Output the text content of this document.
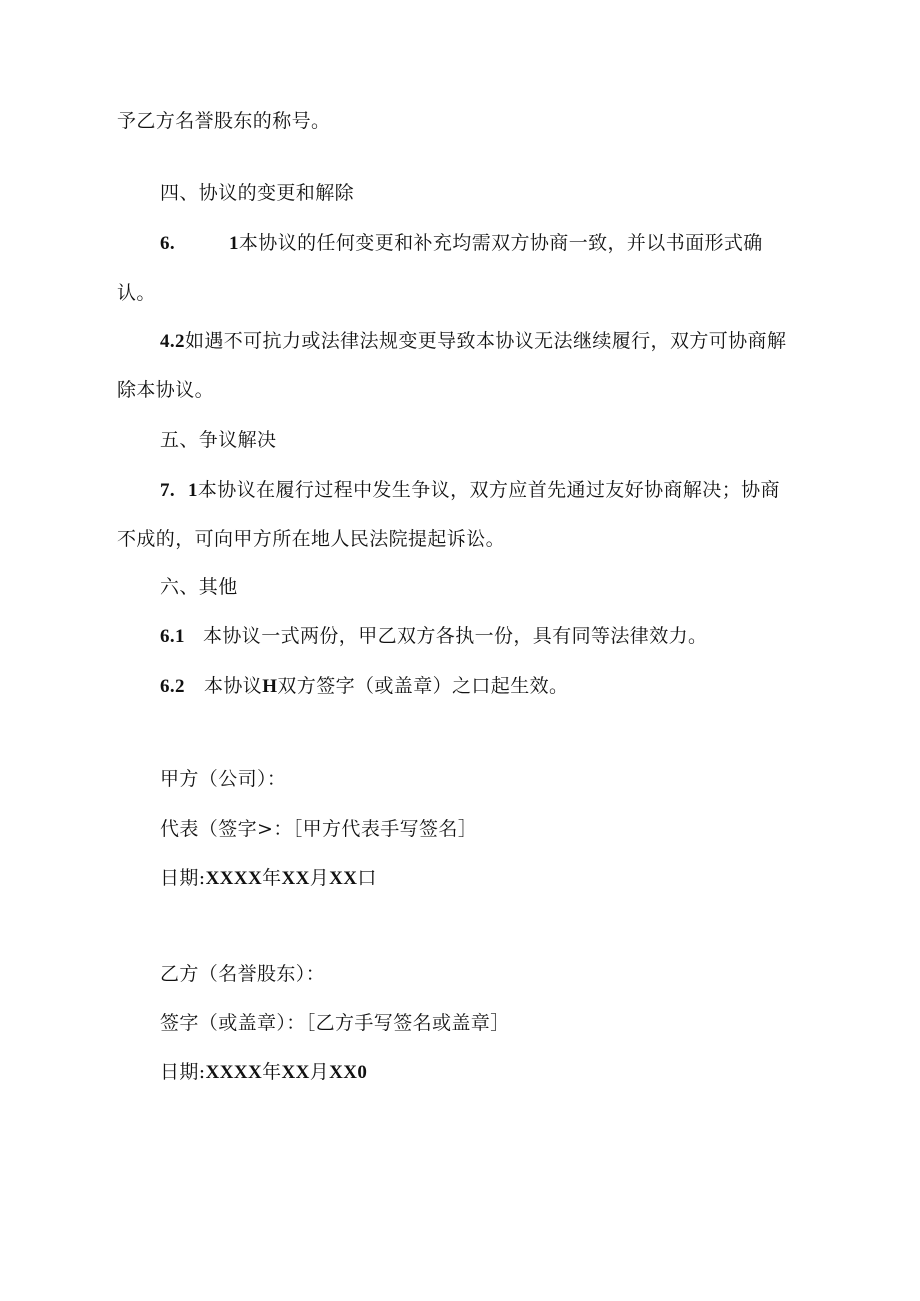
予乙方名誉股东的称号。
四、协议的变更和解除
6.	1本协议的任何变更和补充均需双方协商一致，并以书面形式确
认。
4.2如遇不可抗力或法律法规变更导致本协议无法继续履行，双方可协商解
除本协议。
五、争议解决
7. 1本协议在履行过程中发生争议，双方应首先通过友好协商解决；协商
不成的，可向甲方所在地人民法院提起诉讼。
六、其他
6.1 本协议一式两份，甲乙双方各执一份，具有同等法律效力。
6.2 本协议H双方签字（或盖章）之口起生效。
甲方（公司）：
代表（签字>：［甲方代表手写签名］
日期:XXXX年XX月XX口
乙方（名誉股东）：
签字（或盖章）：［乙方手写签名或盖章］
日期:XXXX年XX月XX0
